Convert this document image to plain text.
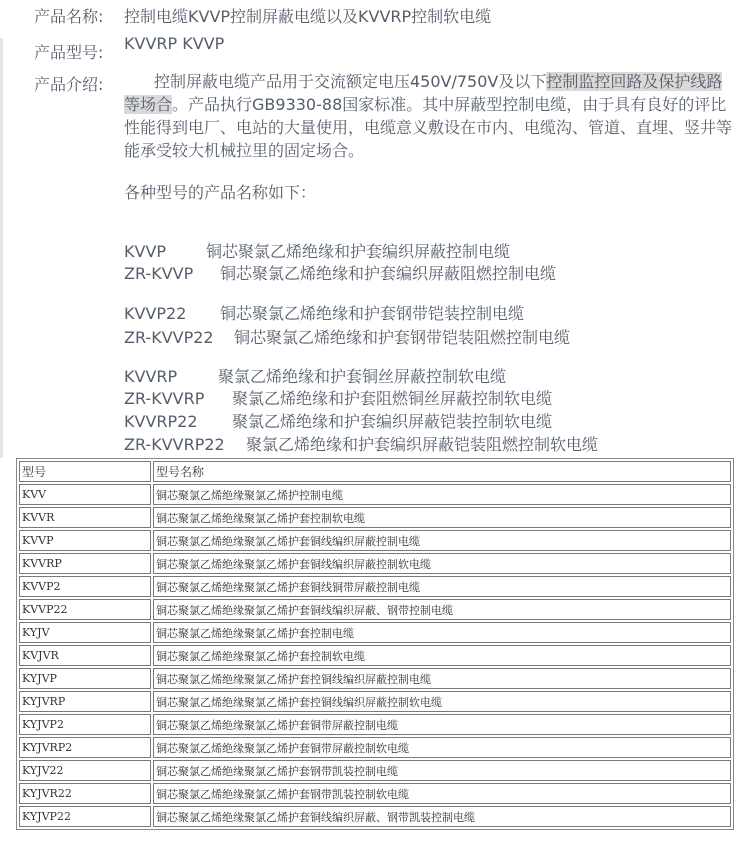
产品名称: 控制电缆KVVP控制屏蔽电缆以及KVVRP控制软电缆
产品型号: KVVRP KVVP
产品介绍:	控制屏蔽电缆产品用于交流额定电压450V/750V及以下控制监控回路及保护线路等场合。产品执行GB9330-88国家标准。其中屏蔽型控制电缆，由于具有良好的评比性能得到电厂、电站的大量使用，电缆意义敷设在市内、电缆沟、管道、直埋、竖井等能承受较大机械拉里的固定场合。
各种型号的产品名称如下：
KVVP 铜芯聚氯乙烯绝缘和护套编织屏蔽控制电缆
ZR-KVVP 铜芯聚氯乙烯绝缘和护套编织屏蔽阻燃控制电缆
KVVP22 铜芯聚氯乙烯绝缘和护套钢带铠装控制电缆
ZR-KVVP22 铜芯聚氯乙烯绝缘和护套钢带铠装阻燃控制电缆
KVVRP	聚氯乙烯绝缘和护套铜丝屏蔽控制软电缆
ZR-KVVRP 聚氯乙烯绝缘和护套阻燃铜丝屏蔽控制软电缆
KVVRP22 聚氯乙烯绝缘和护套编织屏蔽铠装控制软电缆
ZR-KVVRP22 聚氯乙烯绝缘和护套编织屏蔽铠装阻燃控制软电缆
型号	型号名称
KVV	铜芯聚氯乙烯绝缘聚氯乙烯护控制电缆
KVVR	铜芯聚氯乙烯绝缘聚氯乙烯护套控制软电缆
KVVP	铜芯聚氯乙烯绝缘聚氯乙烯护套铜线编织屏蔽控制电缆
KVVRP	铜芯聚氯乙烯绝缘聚氯乙烯护套铜线编织屏蔽控制软电缆
KVVP2	铜芯聚氯乙烯绝缘聚氯乙烯护套铜线铜带屏蔽控制电缆
KVVP22	铜芯聚氯乙烯绝缘聚氯乙烯护套铜线编织屏蔽、钢带控制电缆
KYJV	铜芯聚氯乙烯绝缘聚氯乙烯护套控制电缆
KVJVR	铜芯聚氯乙烯绝缘聚氯乙烯护套控制软电缆
KYJVP	铜芯聚氯乙烯绝缘聚氯乙烯护套控铜线编织屏蔽控制电缆
KYJVRP	铜芯聚氯乙烯绝缘聚氯乙烯护套控铜线编织屏蔽控制软电缆
KYJVP2	铜芯聚氯乙烯绝缘聚氯乙烯护套铜带屏蔽控制电缆
KYJVRP2	铜芯聚氯乙烯绝缘聚氯乙烯护套铜带屏蔽控制软电缆
KYJV22	铜芯聚氯乙烯绝缘聚氯乙烯护套钢带凯装控制电缆
KYJVR22	铜芯聚氯乙烯绝缘聚氯乙烯护套钢带凯装控制软电缆
KYJVP22	铜芯聚氯乙烯绝缘聚氯乙烯护套铜线编织屏蔽、钢带凯装控制电缆
